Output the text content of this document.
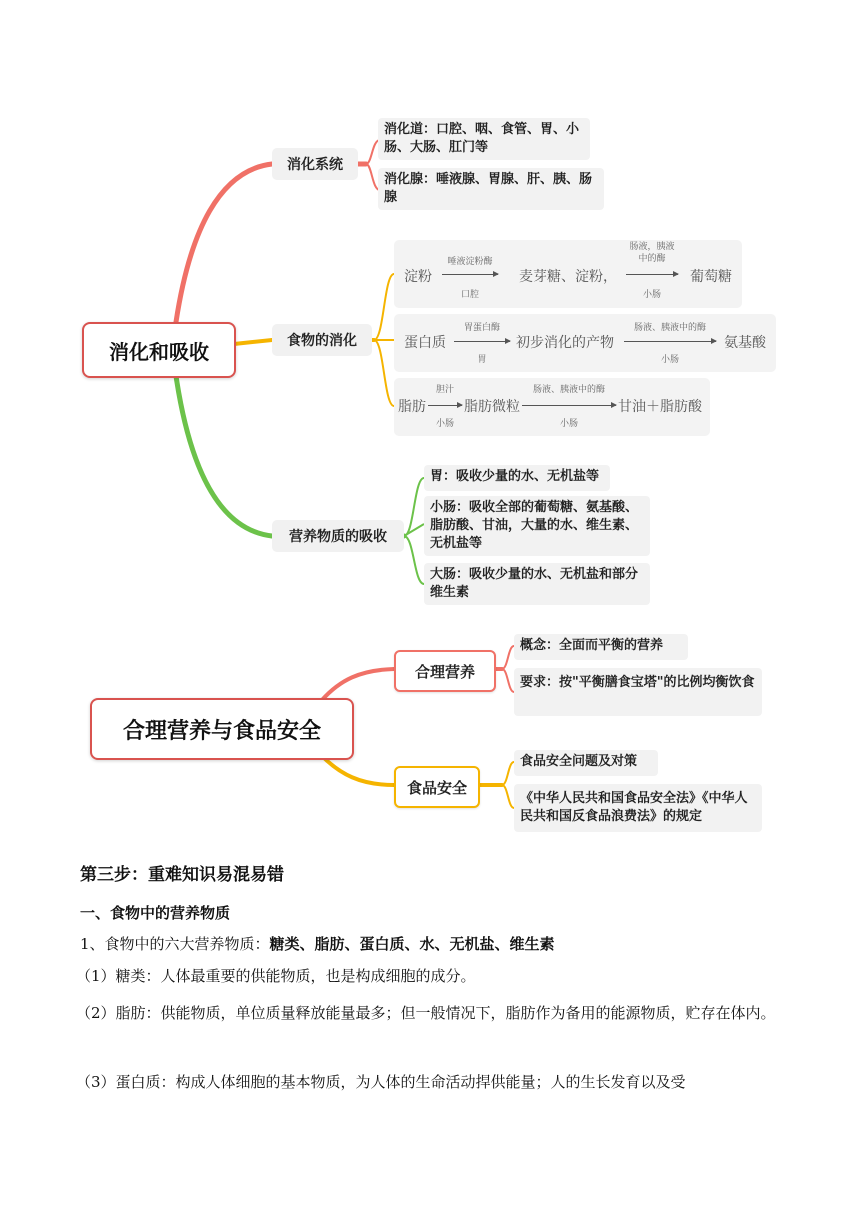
消化和吸收
消化系统
消化道：口腔、咽、食管、胃、小肠、大肠、肛门等
消化腺：唾液腺、胃腺、肝、胰、肠腺
食物的消化
淀粉
唾液淀粉酶
口腔
麦芽糖、淀粉，
肠液，胰液中的酶
小肠
葡萄糖
蛋白质
胃蛋白酶
胃
初步消化的产物
肠液、胰液中的酶
小肠
氨基酸
脂肪
胆汁
小肠
脂肪微粒
肠液、胰液中的酶
小肠
甘油＋脂肪酸
营养物质的吸收
胃：吸收少量的水、无机盐等
小肠：吸收全部的葡萄糖、氨基酸、脂肪酸、甘油，大量的水、维生素、无机盐等
大肠：吸收少量的水、无机盐和部分维生素
合理营养与食品安全
合理营养
概念：全面而平衡的营养
要求：按"平衡膳食宝塔"的比例均衡饮食
食品安全
食品安全问题及对策
《中华人民共和国食品安全法》《中华人民共和国反食品浪费法》的规定
第三步：重难知识易混易错
一、食物中的营养物质
1、食物中的六大营养物质：糖类、脂肪、蛋白质、水、无机盐、维生素
（1）糖类：人体最重要的供能物质，也是构成细胞的成分。
（2）脂肪：供能物质，单位质量释放能量最多；但一般情况下，脂肪作为备用的能源物质，贮存在体内。
（3）蛋白质：构成人体细胞的基本物质，为人体的生命活动捍供能量；人的生长发育以及受
